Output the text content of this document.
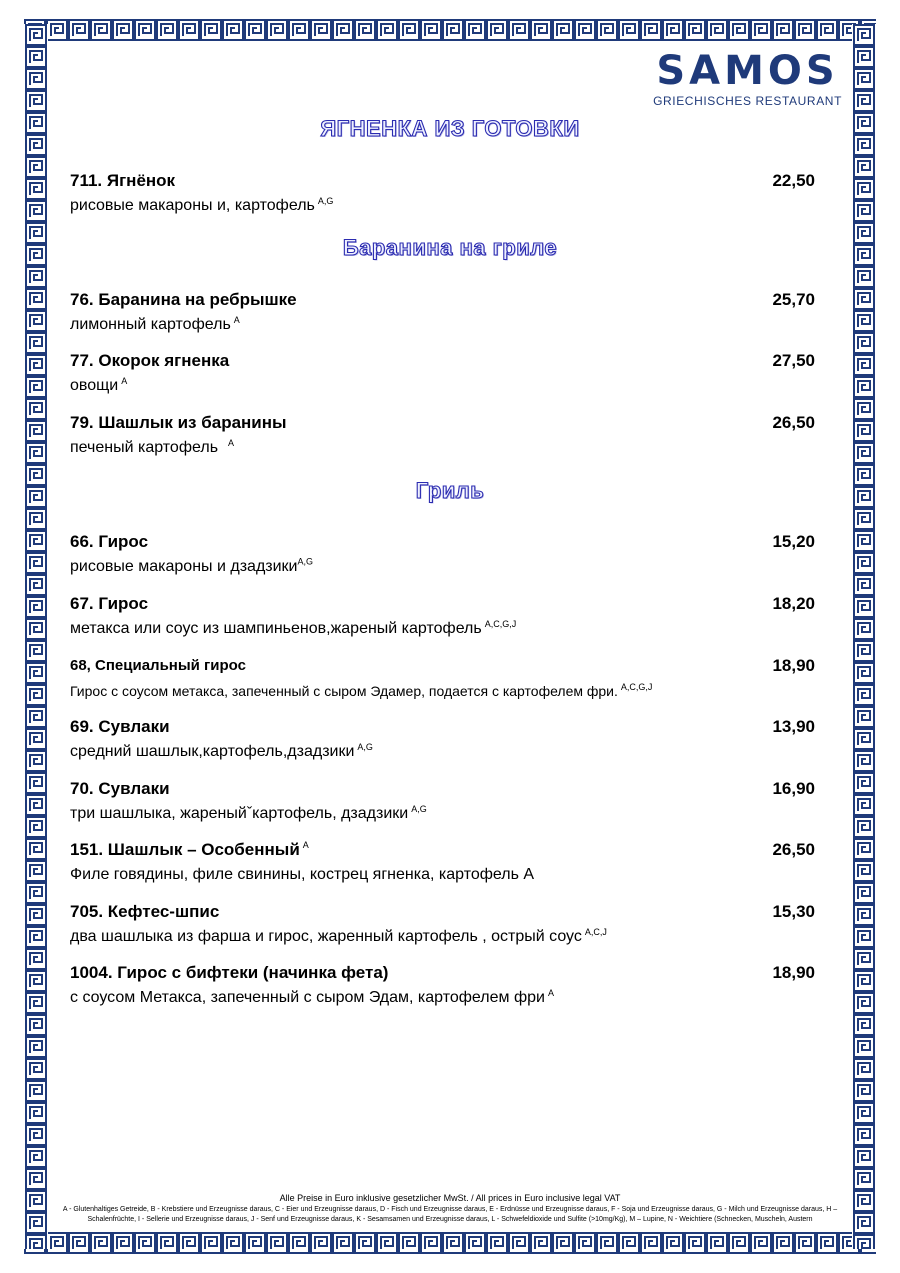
SAMOS
GRIECHISCHES RESTAURANT
ЯГНЕНКА ИЗ ГОТОВКИ
711. Ягнёнок
рисовые макароны и, картофель $^{A,G}$
22,50
Баранина на гриле
76. Баранина на ребрышке
лимонный картофель $^A$
25,70
77. Окорок ягненка
овощи $^A$
27,50
79. Шашлык из баранины
печеный картофель $^A$
26,50
Гриль
66. Гирос
рисовые макароны и дзадзики$^{A,G}$
15,20
67. Гирос
метакса или соус из шампиньенов,жареный картофель $^{A,C,G,J}$
18,20
68, Специальный гирос
Гирос с соусом метакса, запеченный с сыром Эдамер, подается с картофелем фри. $^{A,C,G,J}$
18,90
69. Сувлаки
средний шашлык,картофель,дзадзики $^{A,G}$
13,90
70. Сувлаки
три шашлыка, жареныйˇкартофель, дзадзики $^{A,G}$
16,90
151. Шашлык – Особенный $^A$
Филе говядины, филе свинины, кострец ягненка, картофель А
26,50
705. Кефтес-шпис
два шашлыка из фарша и гирос, жаренный картофель , острый соус $^{A,C,J}$
15,30
1004. Гирос с бифтеки (начинка фета)
с соусом Метакса, запеченный с сыром Эдам, картофелем фри $^A$
18,90
Alle Preise in Euro inklusive gesetzlicher MwSt. / All prices in Euro inclusive legal VAT
A - Glutenhaltiges Getreide, B - Krebstiere und Erzeugnisse daraus, C - Eier und Erzeugnisse daraus, D - Fisch und Erzeugnisse daraus, E - Erdnüsse und Erzeugnisse daraus, F - Soja und Erzeugnisse daraus, G - Milch und Erzeugnisse daraus, H –
Schalenfrüchte, I - Sellerie und Erzeugnisse daraus, J - Senf und Erzeugnisse daraus, K - Sesamsamen und Erzeugnisse daraus, L - Schwefeldioxide und Sulfite (>10mg/Kg), M – Lupine, N - Weichtiere (Schnecken, Muscheln, Austern
